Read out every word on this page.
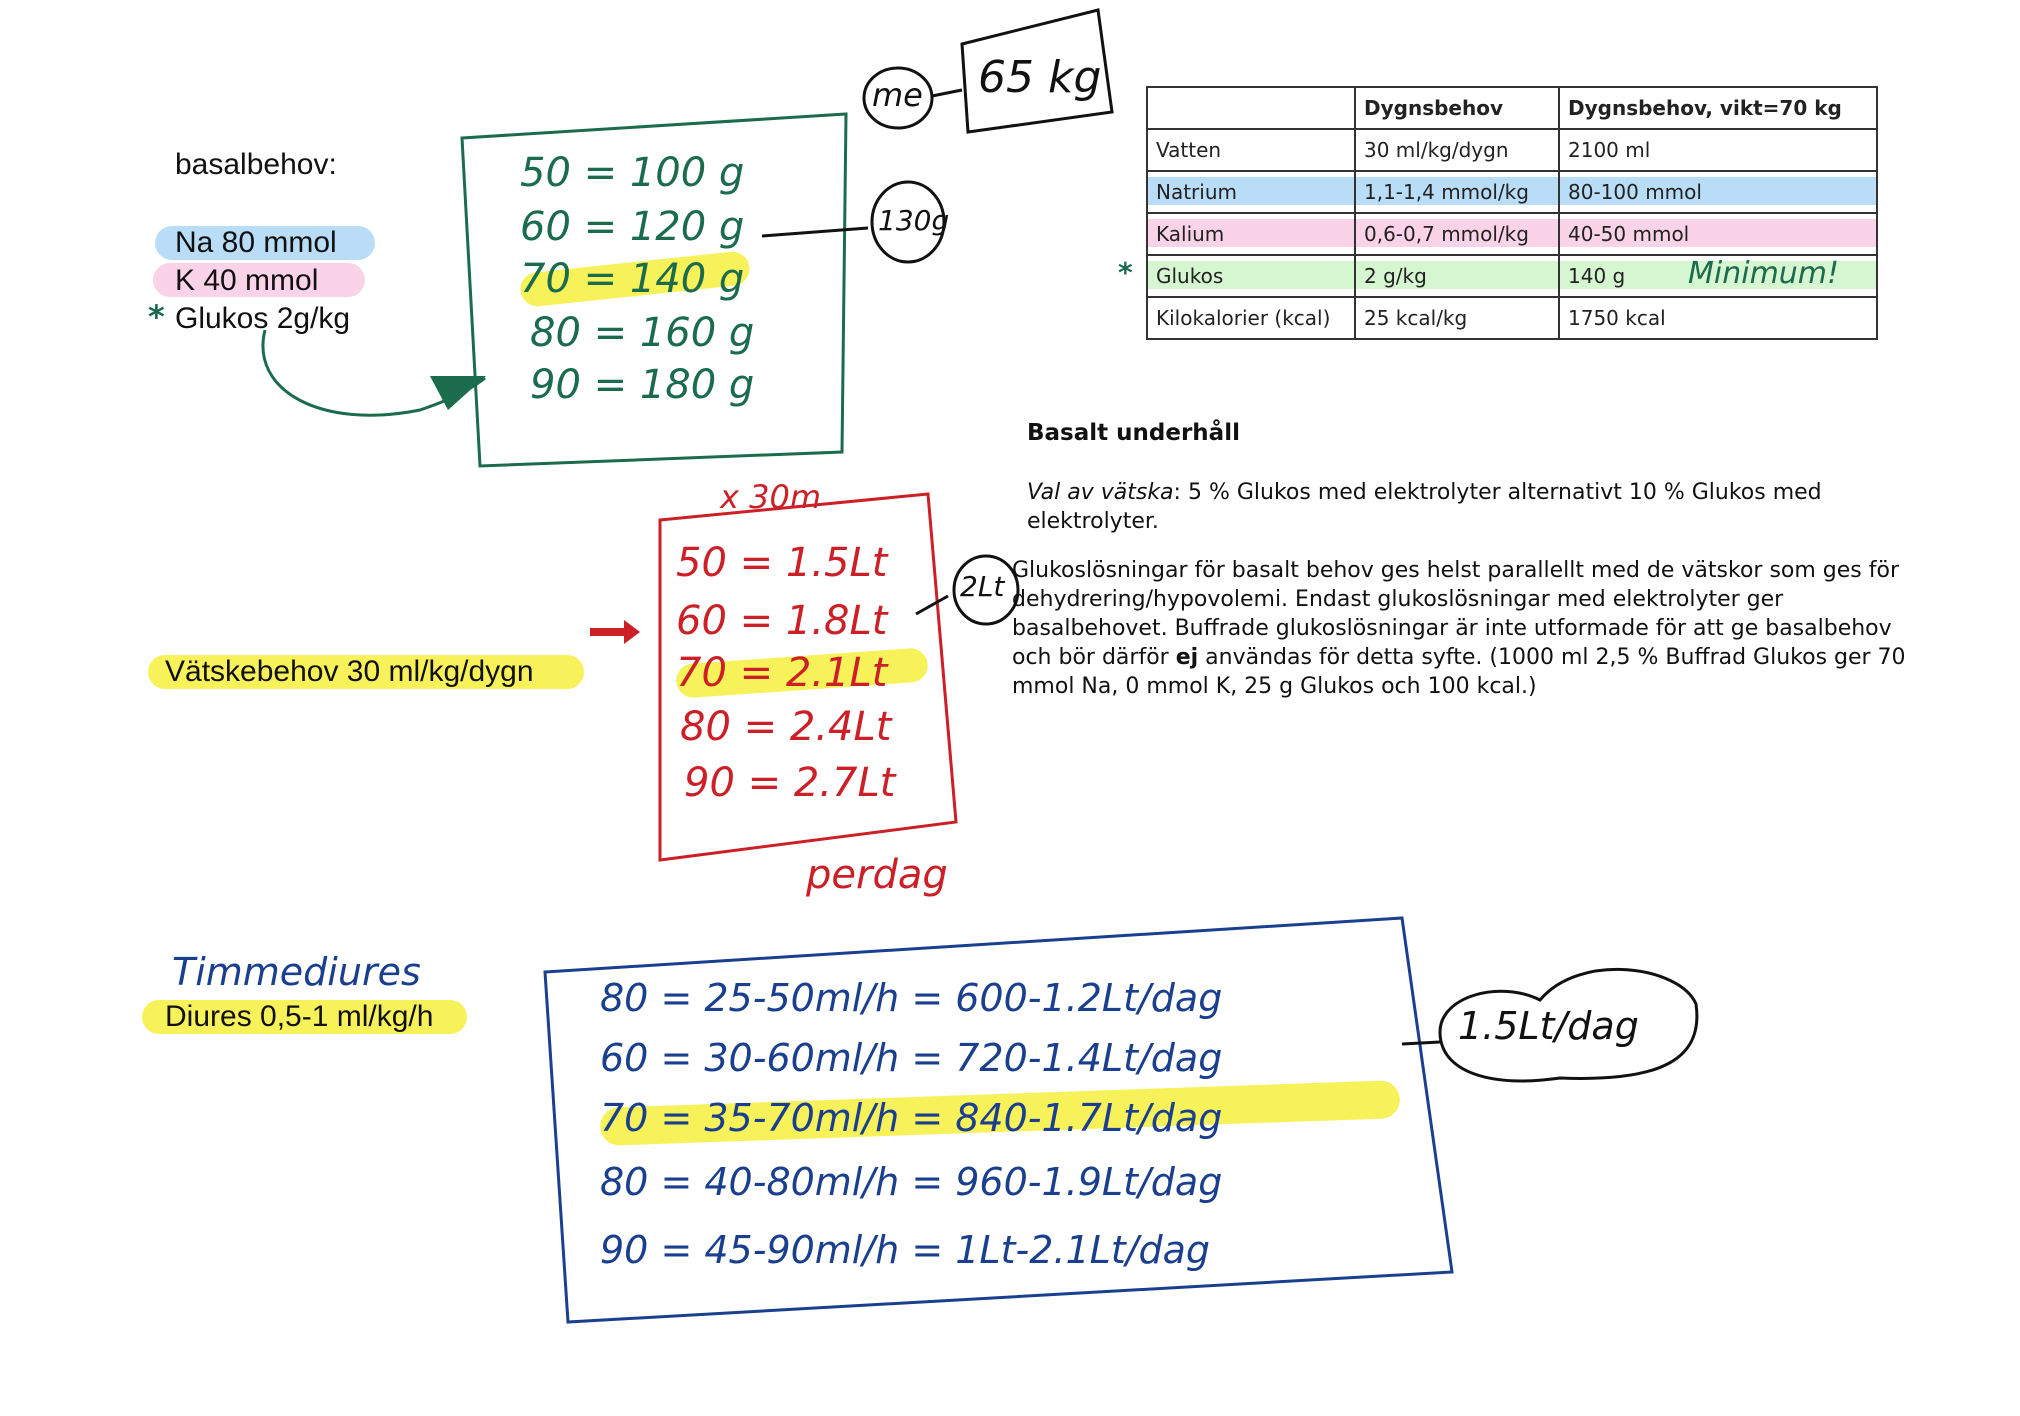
basalbehov:
Na 80 mmol
K 40 mmol
* Glukos 2g/kg
Vätskebehov 30 ml/kg/dygn
Timmediures
Diures 0,5-1 ml/kg/h
50 = 100 g
60 = 120 g
70 = 140 g
80 = 160 g
90 = 180 g
me 65 kg
130g
	Dygnsbehov	Dygnsbehov, vikt=70 kg
Vatten	30 ml/kg/dygn	2100 ml
Natrium	1,1-1,4 mmol/kg	80-100 mmol
Kalium	0,6-0,7 mmol/kg	40-50 mmol
Glukos	2 g/kg	140 g
Kilokalorier (kcal)	25 kcal/kg	1750 kcal
*	Minimum!
Basalt underhåll
Val av vätska: 5 % Glukos med elektrolyter alternativt 10 % Glukos med
elektrolyter.
Glukoslösningar för basalt behov ges helst parallellt med de vätskor som ges för
dehydrering/hypovolemi. Endast glukoslösningar med elektrolyter ger
basalbehovet. Buffrade glukoslösningar är inte utformade för att ge basalbehov
och bör därför ej användas för detta syfte. (1000 ml 2,5 % Buffrad Glukos ger 70
mmol Na, 0 mmol K, 25 g Glukos och 100 kcal.)
x 30m
50 = 1.5Lt
60 = 1.8Lt
70 = 2.1Lt
80 = 2.4Lt
90 = 2.7Lt
perdag
2Lt
80 = 25-50ml/h = 600-1.2Lt/dag
60 = 30-60ml/h = 720-1.4Lt/dag
70 = 35-70ml/h = 840-1.7Lt/dag
80 = 40-80ml/h = 960-1.9Lt/dag
90 = 45-90ml/h = 1Lt-2.1Lt/dag
1.5Lt/dag
